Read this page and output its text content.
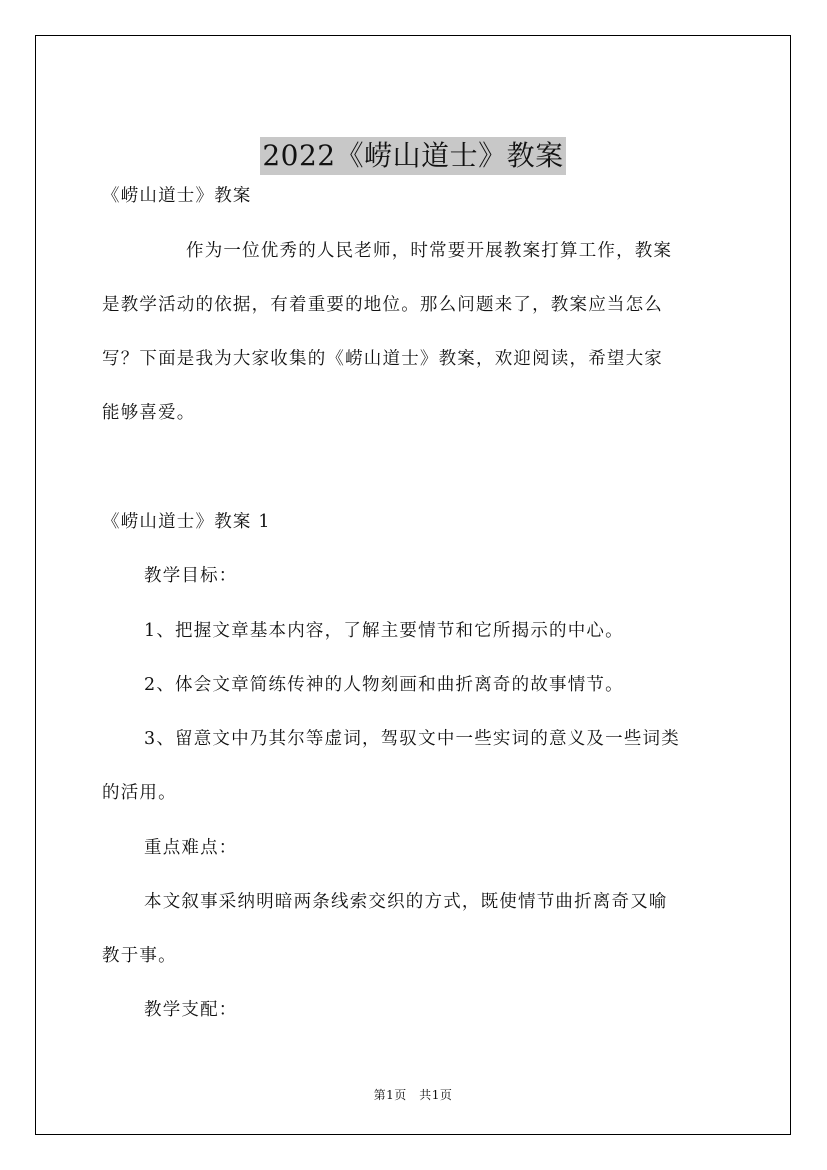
2022《崂山道士》教案
《崂山道士》教案
作为一位优秀的人民老师，时常要开展教案打算工作，教案
是教学活动的依据，有着重要的地位。那么问题来了，教案应当怎么
写？下面是我为大家收集的《崂山道士》教案，欢迎阅读，希望大家
能够喜爱。
《崂山道士》教案 1
教学目标：
1、把握文章基本内容，了解主要情节和它所揭示的中心。
2、体会文章简练传神的人物刻画和曲折离奇的故事情节。
3、留意文中乃其尔等虚词，驾驭文中一些实词的意义及一些词类
的活用。
重点难点：
本文叙事采纳明暗两条线索交织的方式，既使情节曲折离奇又喻
教于事。
教学支配：
第1页　共1页
